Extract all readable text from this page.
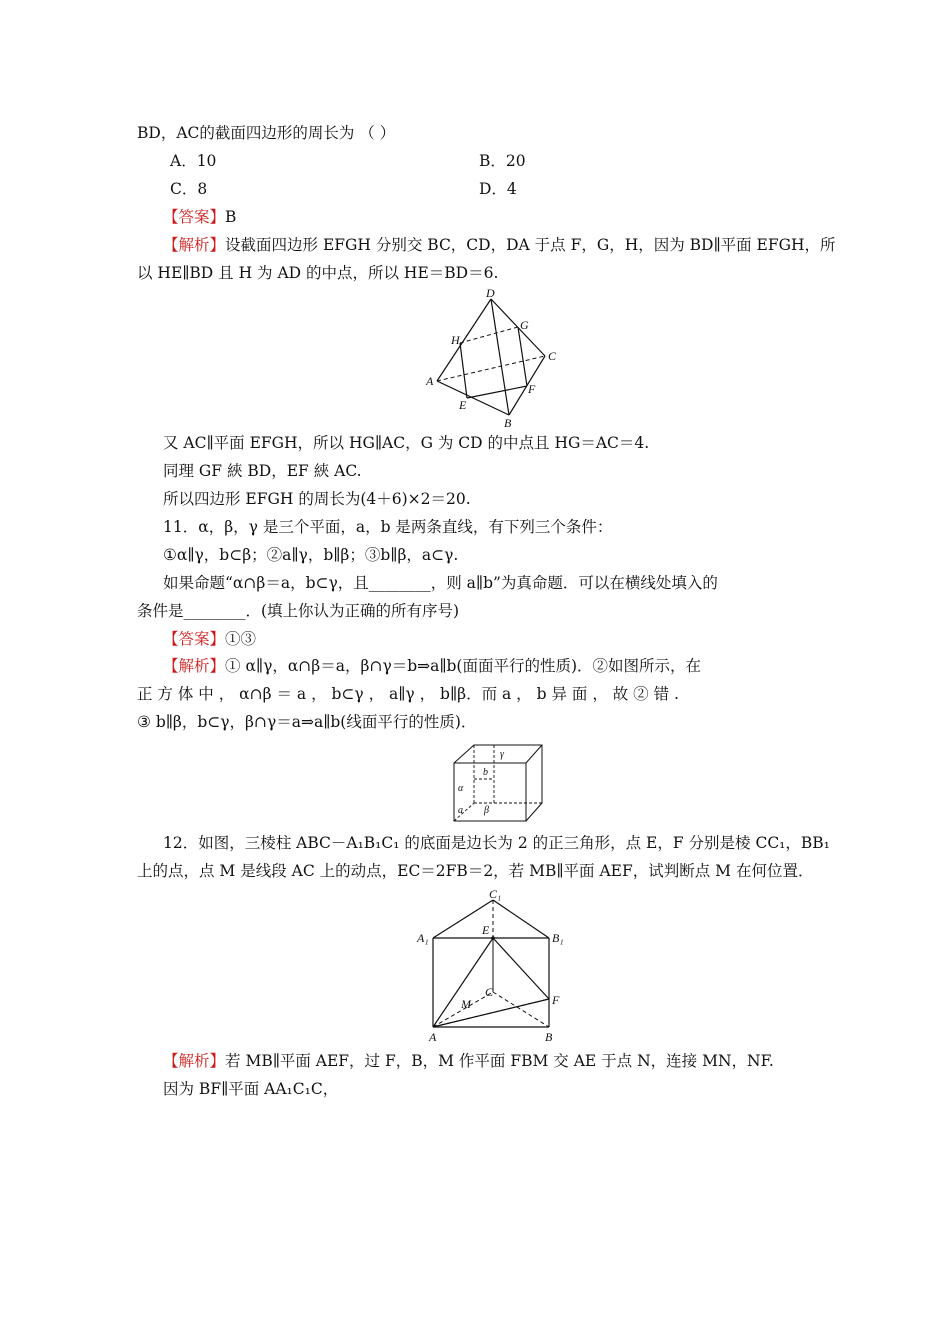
BD，AC的截面四边形的周长为 （ ）
A．10	B．20
C．8	D．4
【答案】B
【解析】设截面四边形 EFGH 分别交 BC，CD，DA 于点 F，G，H，因为 BD∥平面 EFGH，所
以 HE∥BD 且 H 为 AD 的中点，所以 HE＝BD＝6.
D
G
H
C
A
F
E
B
又 AC∥平面 EFGH，所以 HG∥AC，G 为 CD 的中点且 HG＝AC＝4.
同理 GF 綊 BD，EF 綊 AC.
所以四边形 EFGH 的周长为(4＋6)×2＝20.
11．α，β，γ 是三个平面，a，b 是两条直线，有下列三个条件：
①α∥γ，b⊂β；②a∥γ，b∥β；③b∥β，a⊂γ.
如果命题“α∩β＝a，b⊂γ，且________，则 a∥b”为真命题．可以在横线处填入的
条件是________．(填上你认为正确的所有序号)
【答案】①③
【解析】① α∥γ，α∩β＝a，β∩γ＝b⇒a∥b(面面平行的性质)．②如图所示，在
正 方 体 中 ， α∩β ＝ a ， b⊂γ ， a∥γ ， b∥β．而 a ， b 异 面 ， 故 ② 错 .
③ b∥β，b⊂γ，β∩γ＝a⇒a∥b(线面平行的性质)．
γ
b
α
a β
12．如图，三棱柱 ABC－A₁B₁C₁ 的底面是边长为 2 的正三角形，点 E，F 分别是棱 CC₁，BB₁
上的点，点 M 是线段 AC 上的动点，EC＝2FB＝2，若 MB∥平面 AEF，试判断点 M 在何位置．
C₁
A₁
E
B₁
C
M	F
A	B
【解析】若 MB∥平面 AEF，过 F，B，M 作平面 FBM 交 AE 于点 N，连接 MN，NF.
因为 BF∥平面 AA₁C₁C，
